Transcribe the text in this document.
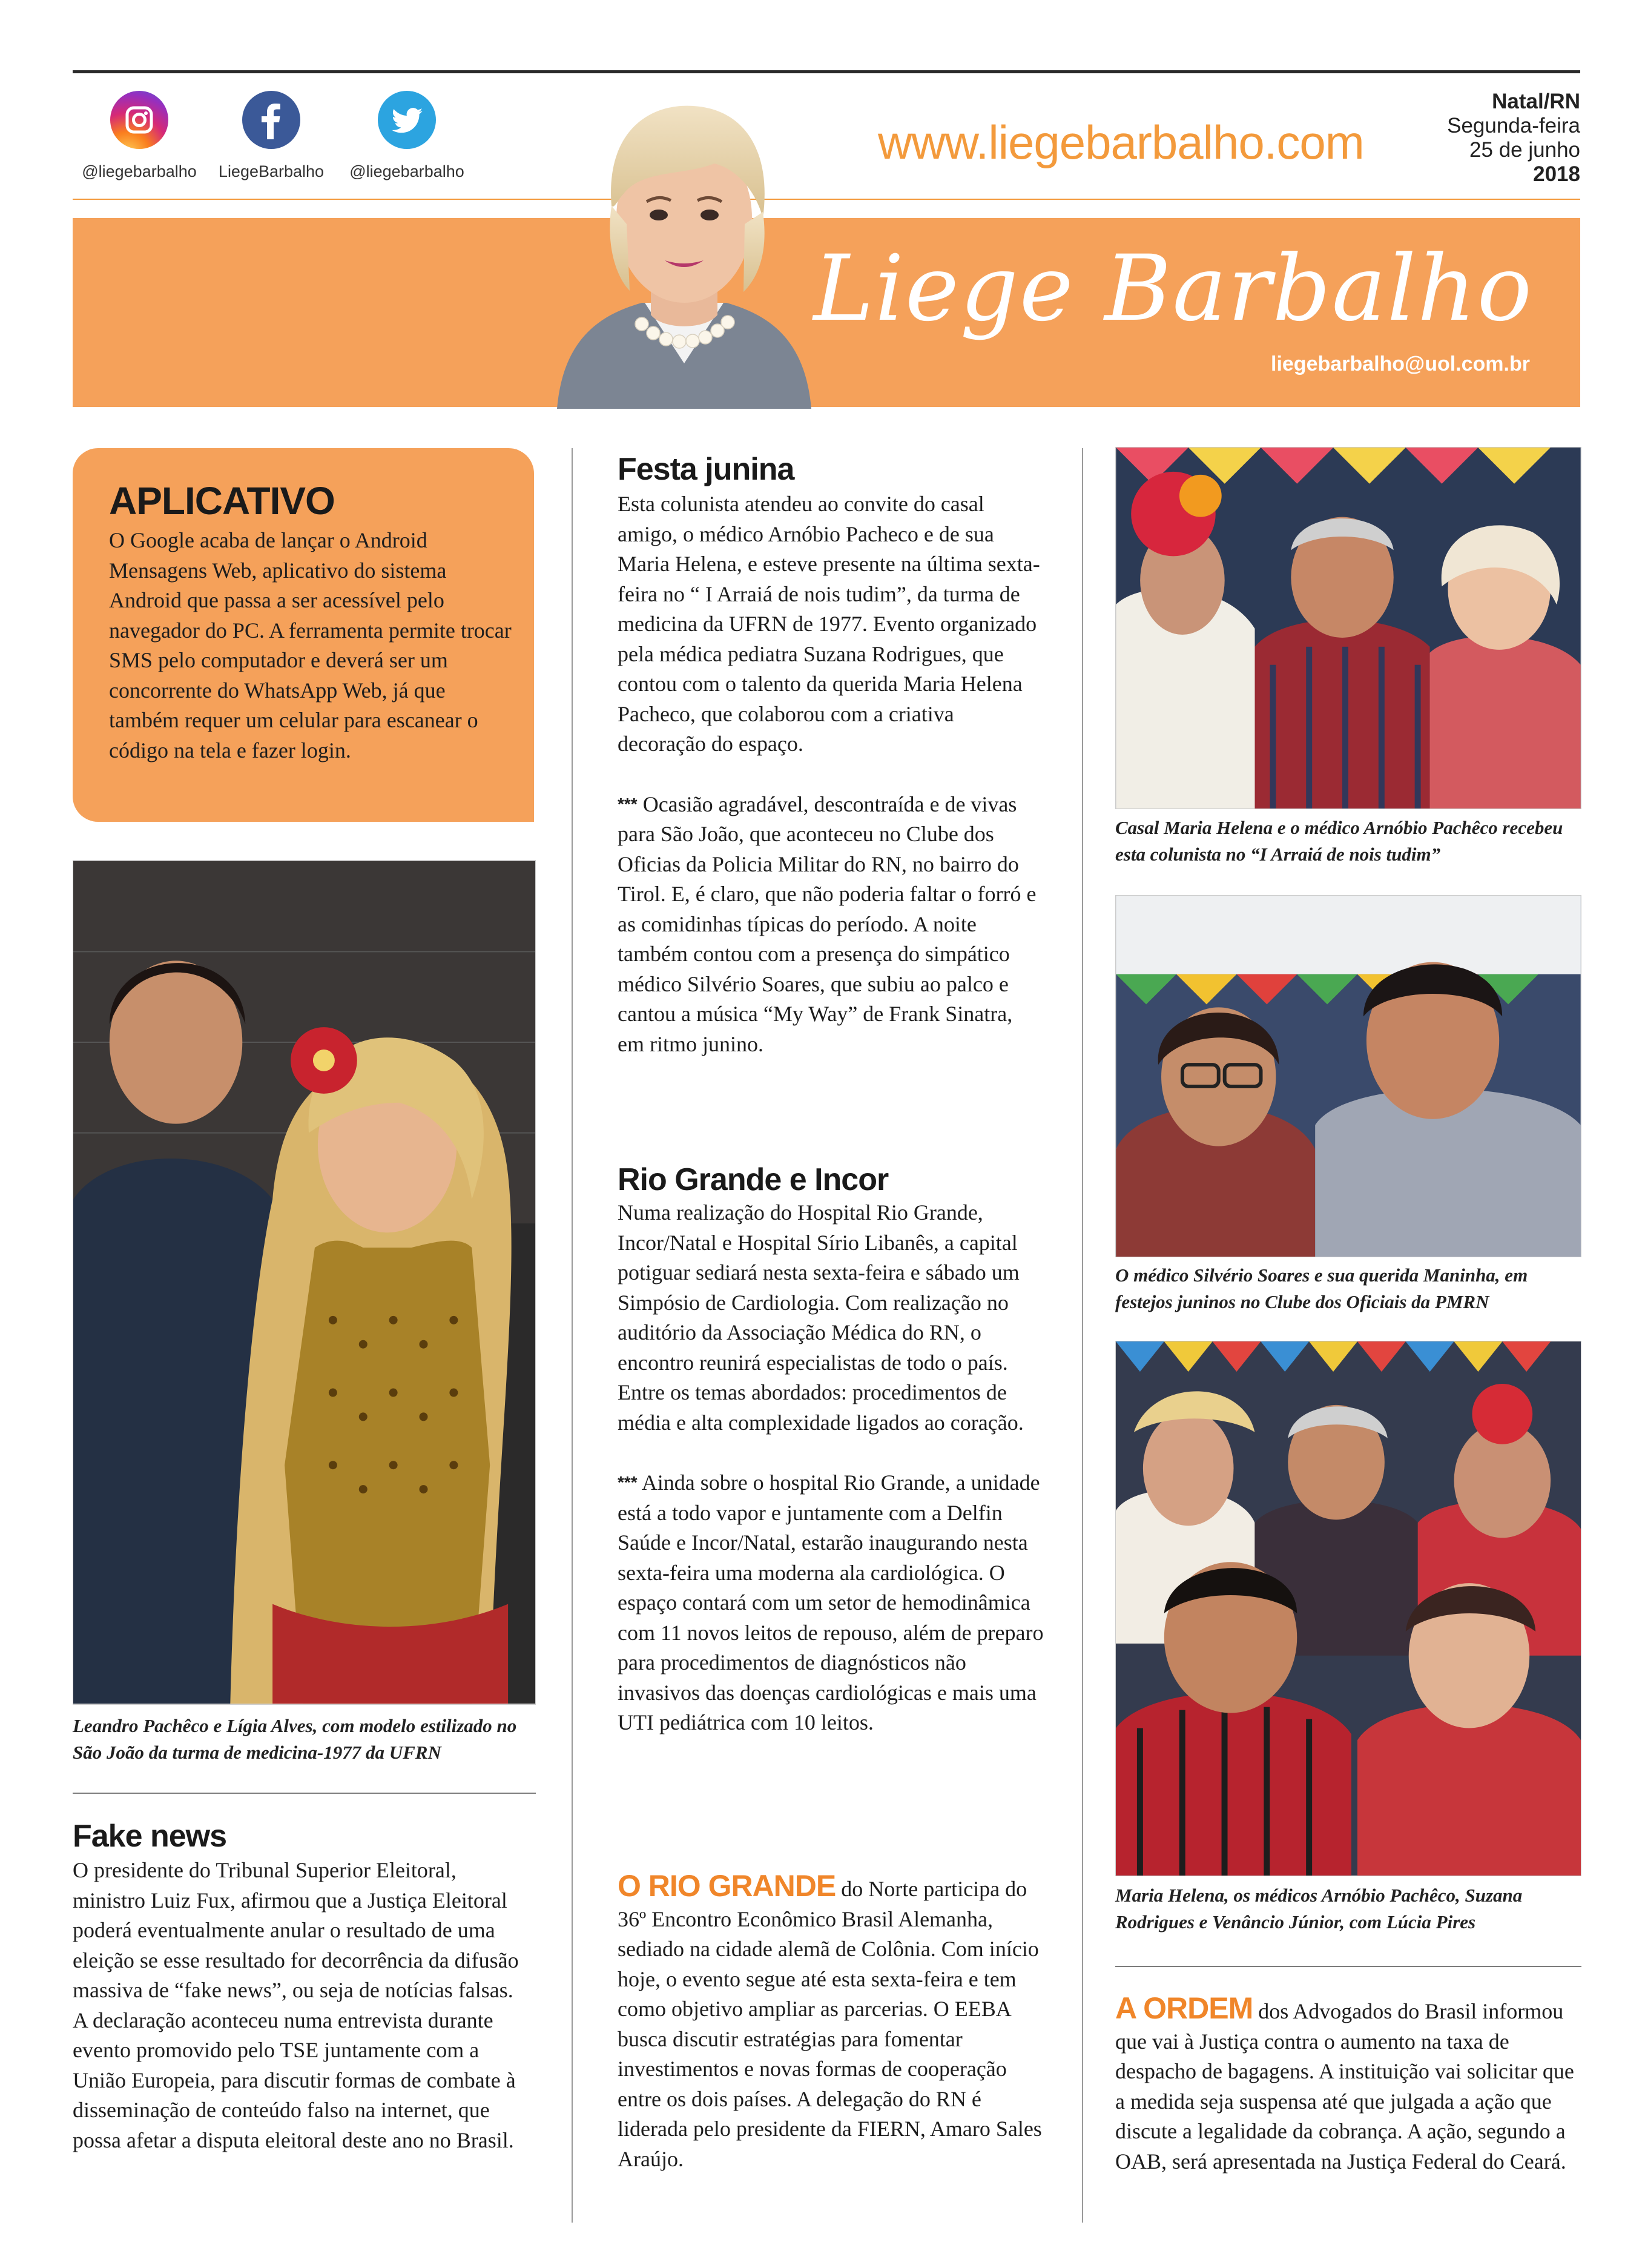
@liegebarbalho	LiegeBarbalho	@liegebarbalho
www.liegebarbalho.com
Natal/RN
Segunda-feira
25 de junho
2018
Liege Barbalho
liegebarbalho@uol.com.br
APLICATIVO
O Google acaba de lançar o Android Mensagens Web, aplicativo do sistema Android que passa a ser acessível pelo navegador do PC. A ferramenta permite trocar SMS pelo computador e deverá ser um concorrente do WhatsApp Web, já que também requer um celular para escanear o código na tela e fazer login.
Leandro Pachêco e Lígia Alves, com modelo estilizado no São João da turma de medicina-1977 da UFRN
Fake news
O presidente do Tribunal Superior Eleitoral, ministro Luiz Fux, afirmou que a Justiça Eleitoral poderá eventualmente anular o resultado de uma eleição se esse resultado for decorrência da difusão massiva de “fake news”, ou seja de notícias falsas. A declaração aconteceu numa entrevista durante evento promovido pelo TSE juntamente com a União Europeia, para discutir formas de combate à disseminação de conteúdo falso na internet, que possa afetar a disputa eleitoral deste ano no Brasil.
Festa junina

Esta colunista atendeu ao convite do casal amigo, o médico Arnóbio Pacheco e de sua Maria Helena, e esteve presente na última sexta-feira no “ I Arraiá de nois tudim”, da turma de medicina da UFRN de 1977. Evento organizado pela médica pediatra Suzana Rodrigues, que contou com o talento da querida Maria Helena Pacheco, que colaborou com a criativa decoração do espaço.

*** Ocasião agradável, descontraída e de vivas para São João, que aconteceu no Clube dos Oficias da Policia Militar do RN, no bairro do Tirol. E, é claro, que não poderia faltar o forró e as comidinhas típicas do período. A noite também contou com a presença do simpático médico Silvério Soares, que subiu ao palco e cantou a música “My Way” de Frank Sinatra, em ritmo junino.

Rio Grande e Incor

Numa realização do Hospital Rio Grande, Incor/Natal e Hospital Sírio Libanês, a capital potiguar sediará nesta sexta-feira e sábado um Simpósio de Cardiologia. Com realização no auditório da Associação Médica do RN, o encontro reunirá especialistas de todo o país. Entre os temas abordados: procedimentos de média e alta complexidade ligados ao coração.

*** Ainda sobre o hospital Rio Grande, a unidade está a todo vapor e juntamente com a Delfin Saúde e Incor/Natal, estarão inaugurando nesta sexta-feira uma moderna ala cardiológica. O espaço contará com um setor de hemodinâmica com 11 novos leitos de repouso, além de preparo para procedimentos de diagnósticos não invasivos das doenças cardiológicas e mais uma UTI pediátrica com 10 leitos.

O RIO GRANDE do Norte participa do 36º Encontro Econômico Brasil Alemanha, sediado na cidade alemã de Colônia. Com início hoje, o evento segue até esta sexta-feira e tem como objetivo ampliar as parcerias. O EEBA busca discutir estratégias para fomentar investimentos e novas formas de cooperação entre os dois países. A delegação do RN é liderada pelo presidente da FIERN, Amaro Sales Araújo.
Casal Maria Helena e o médico Arnóbio Pachêco recebeu esta colunista no “I Arraiá de nois tudim”
O médico Silvério Soares e sua querida Maninha, em festejos juninos no Clube dos Oficiais da PMRN
Maria Helena, os médicos Arnóbio Pachêco, Suzana Rodrigues e Venâncio Júnior, com Lúcia Pires
A ORDEM dos Advogados do Brasil informou que vai à Justiça contra o aumento na taxa de despacho de bagagens. A instituição vai solicitar que a medida seja suspensa até que julgada a ação que discute a legalidade da cobrança. A ação, segundo a OAB, será apresentada na Justiça Federal do Ceará.
